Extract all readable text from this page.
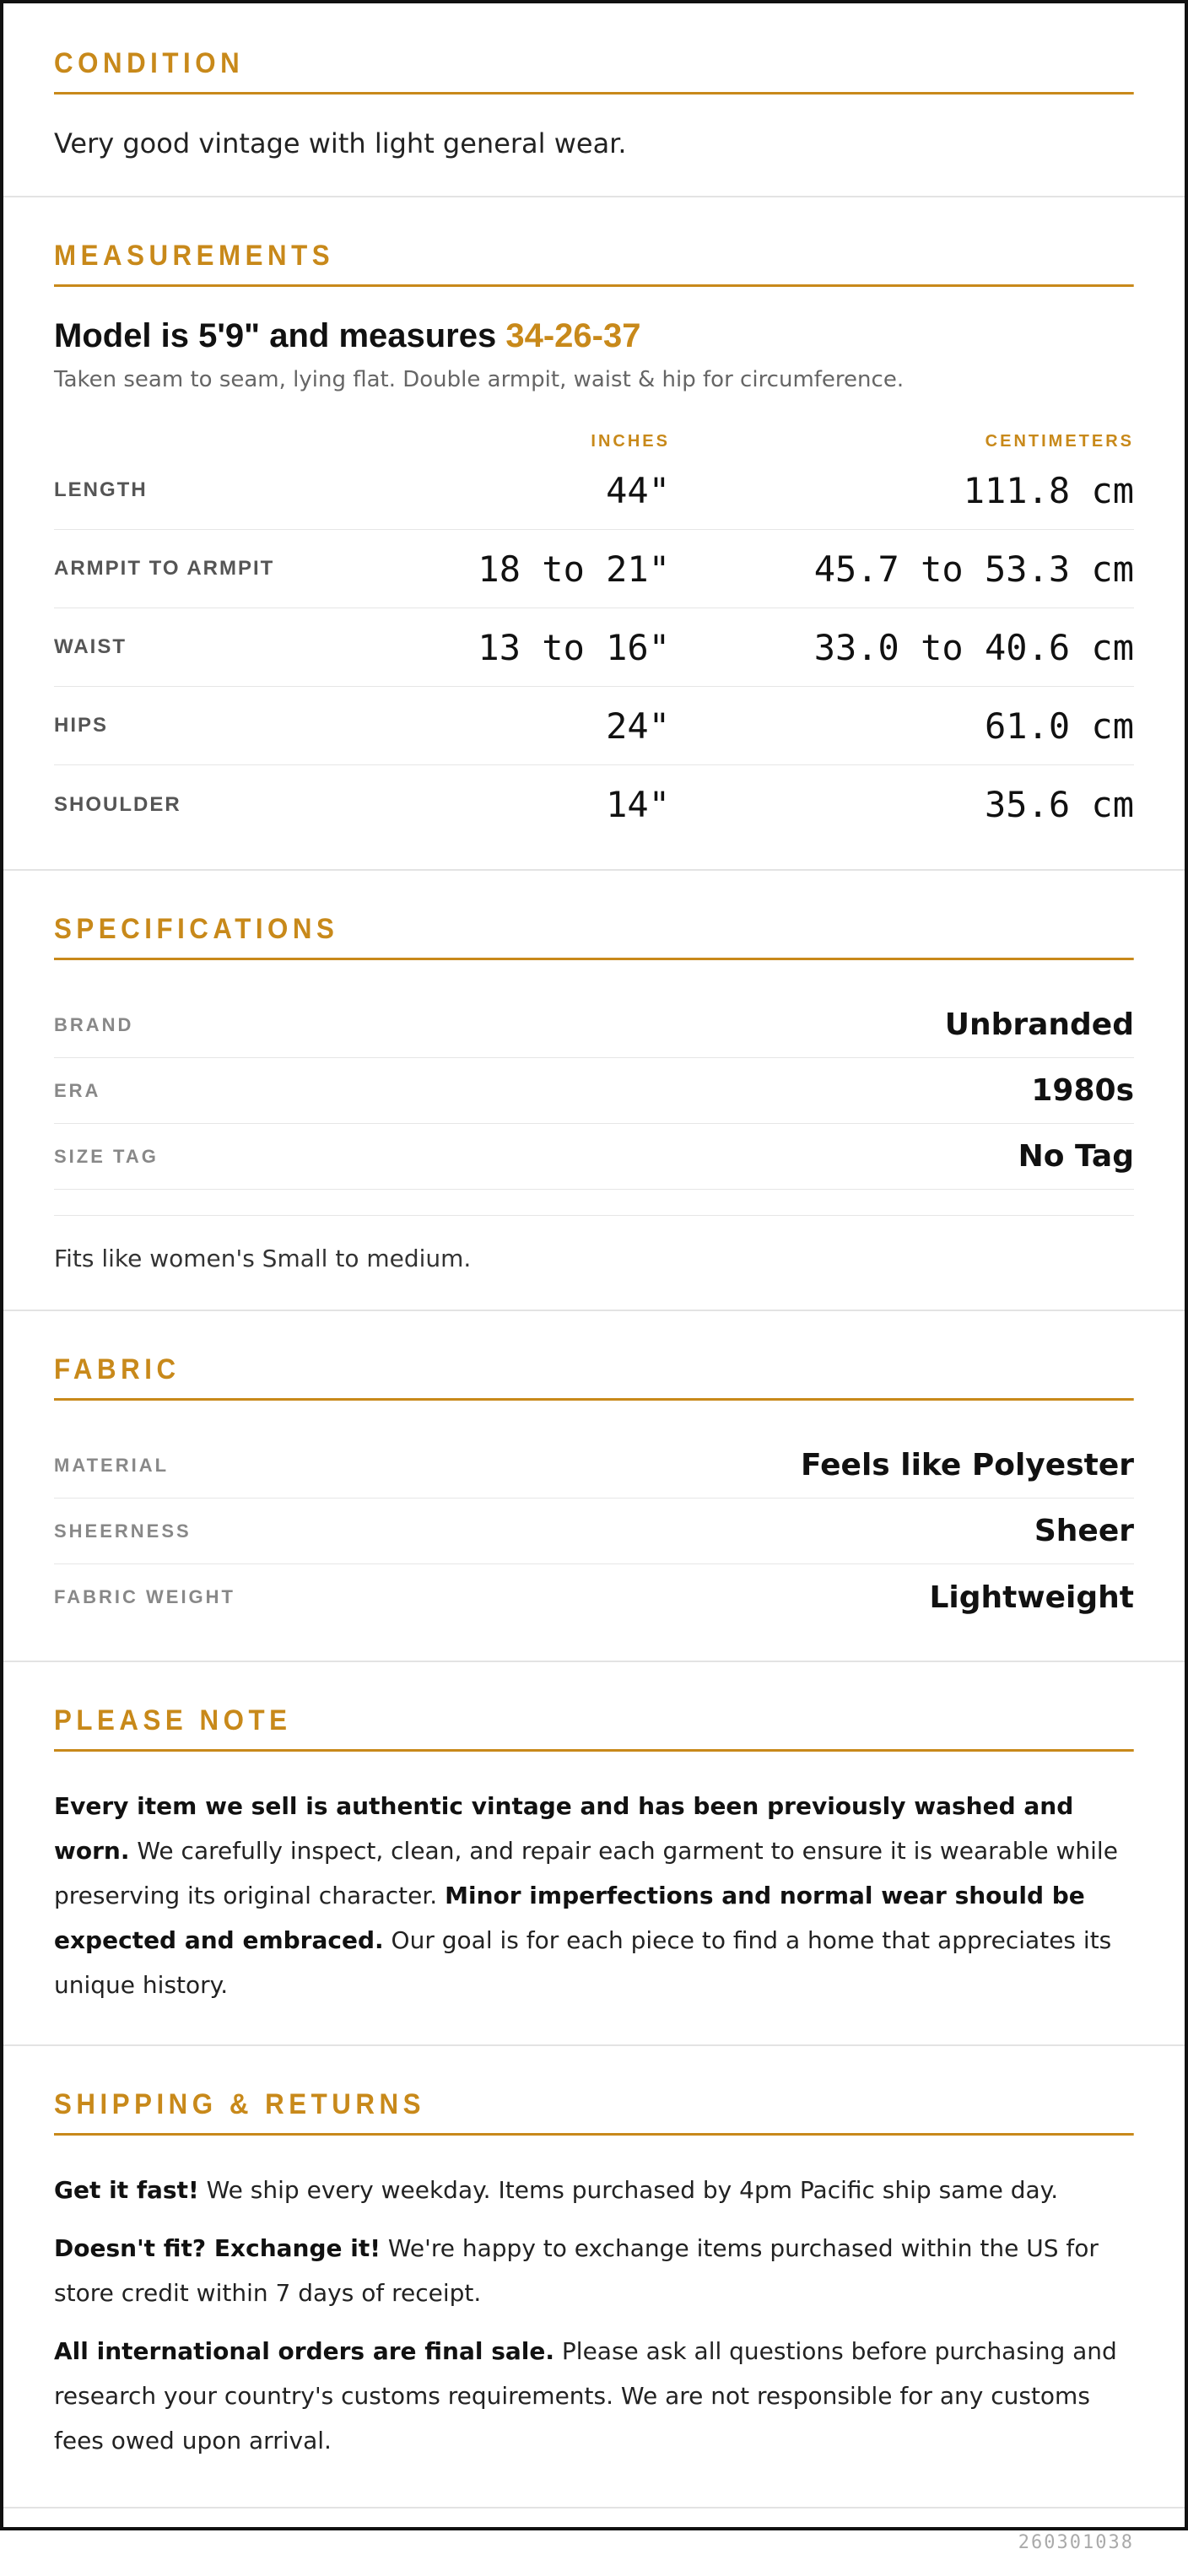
CONDITION
Very good vintage with light general wear.
MEASUREMENTS
Model is 5'9" and measures 34-26-37
Taken seam to seam, lying flat. Double armpit, waist & hip for circumference.
INCHES	CENTIMETERS
LENGTH	44"	111.8 cm
ARMPIT TO ARMPIT	18 to 21"	45.7 to 53.3 cm
WAIST	13 to 16"	33.0 to 40.6 cm
HIPS	24"	61.0 cm
SHOULDER	14"	35.6 cm
SPECIFICATIONS
BRAND	Unbranded
ERA	1980s
SIZE TAG	No Tag
Fits like women's Small to medium.
FABRIC
MATERIAL	Feels like Polyester
SHEERNESS	Sheer
FABRIC WEIGHT	Lightweight
PLEASE NOTE
Every item we sell is authentic vintage and has been previously washed and worn. We carefully inspect, clean, and repair each garment to ensure it is wearable while preserving its original character. Minor imperfections and normal wear should be expected and embraced. Our goal is for each piece to find a home that appreciates its unique history.
SHIPPING & RETURNS
Get it fast! We ship every weekday. Items purchased by 4pm Pacific ship same day.
Doesn't fit? Exchange it! We're happy to exchange items purchased within the US for store credit within 7 days of receipt.
All international orders are final sale. Please ask all questions before purchasing and research your country's customs requirements. We are not responsible for any customs fees owed upon arrival.
260301038
